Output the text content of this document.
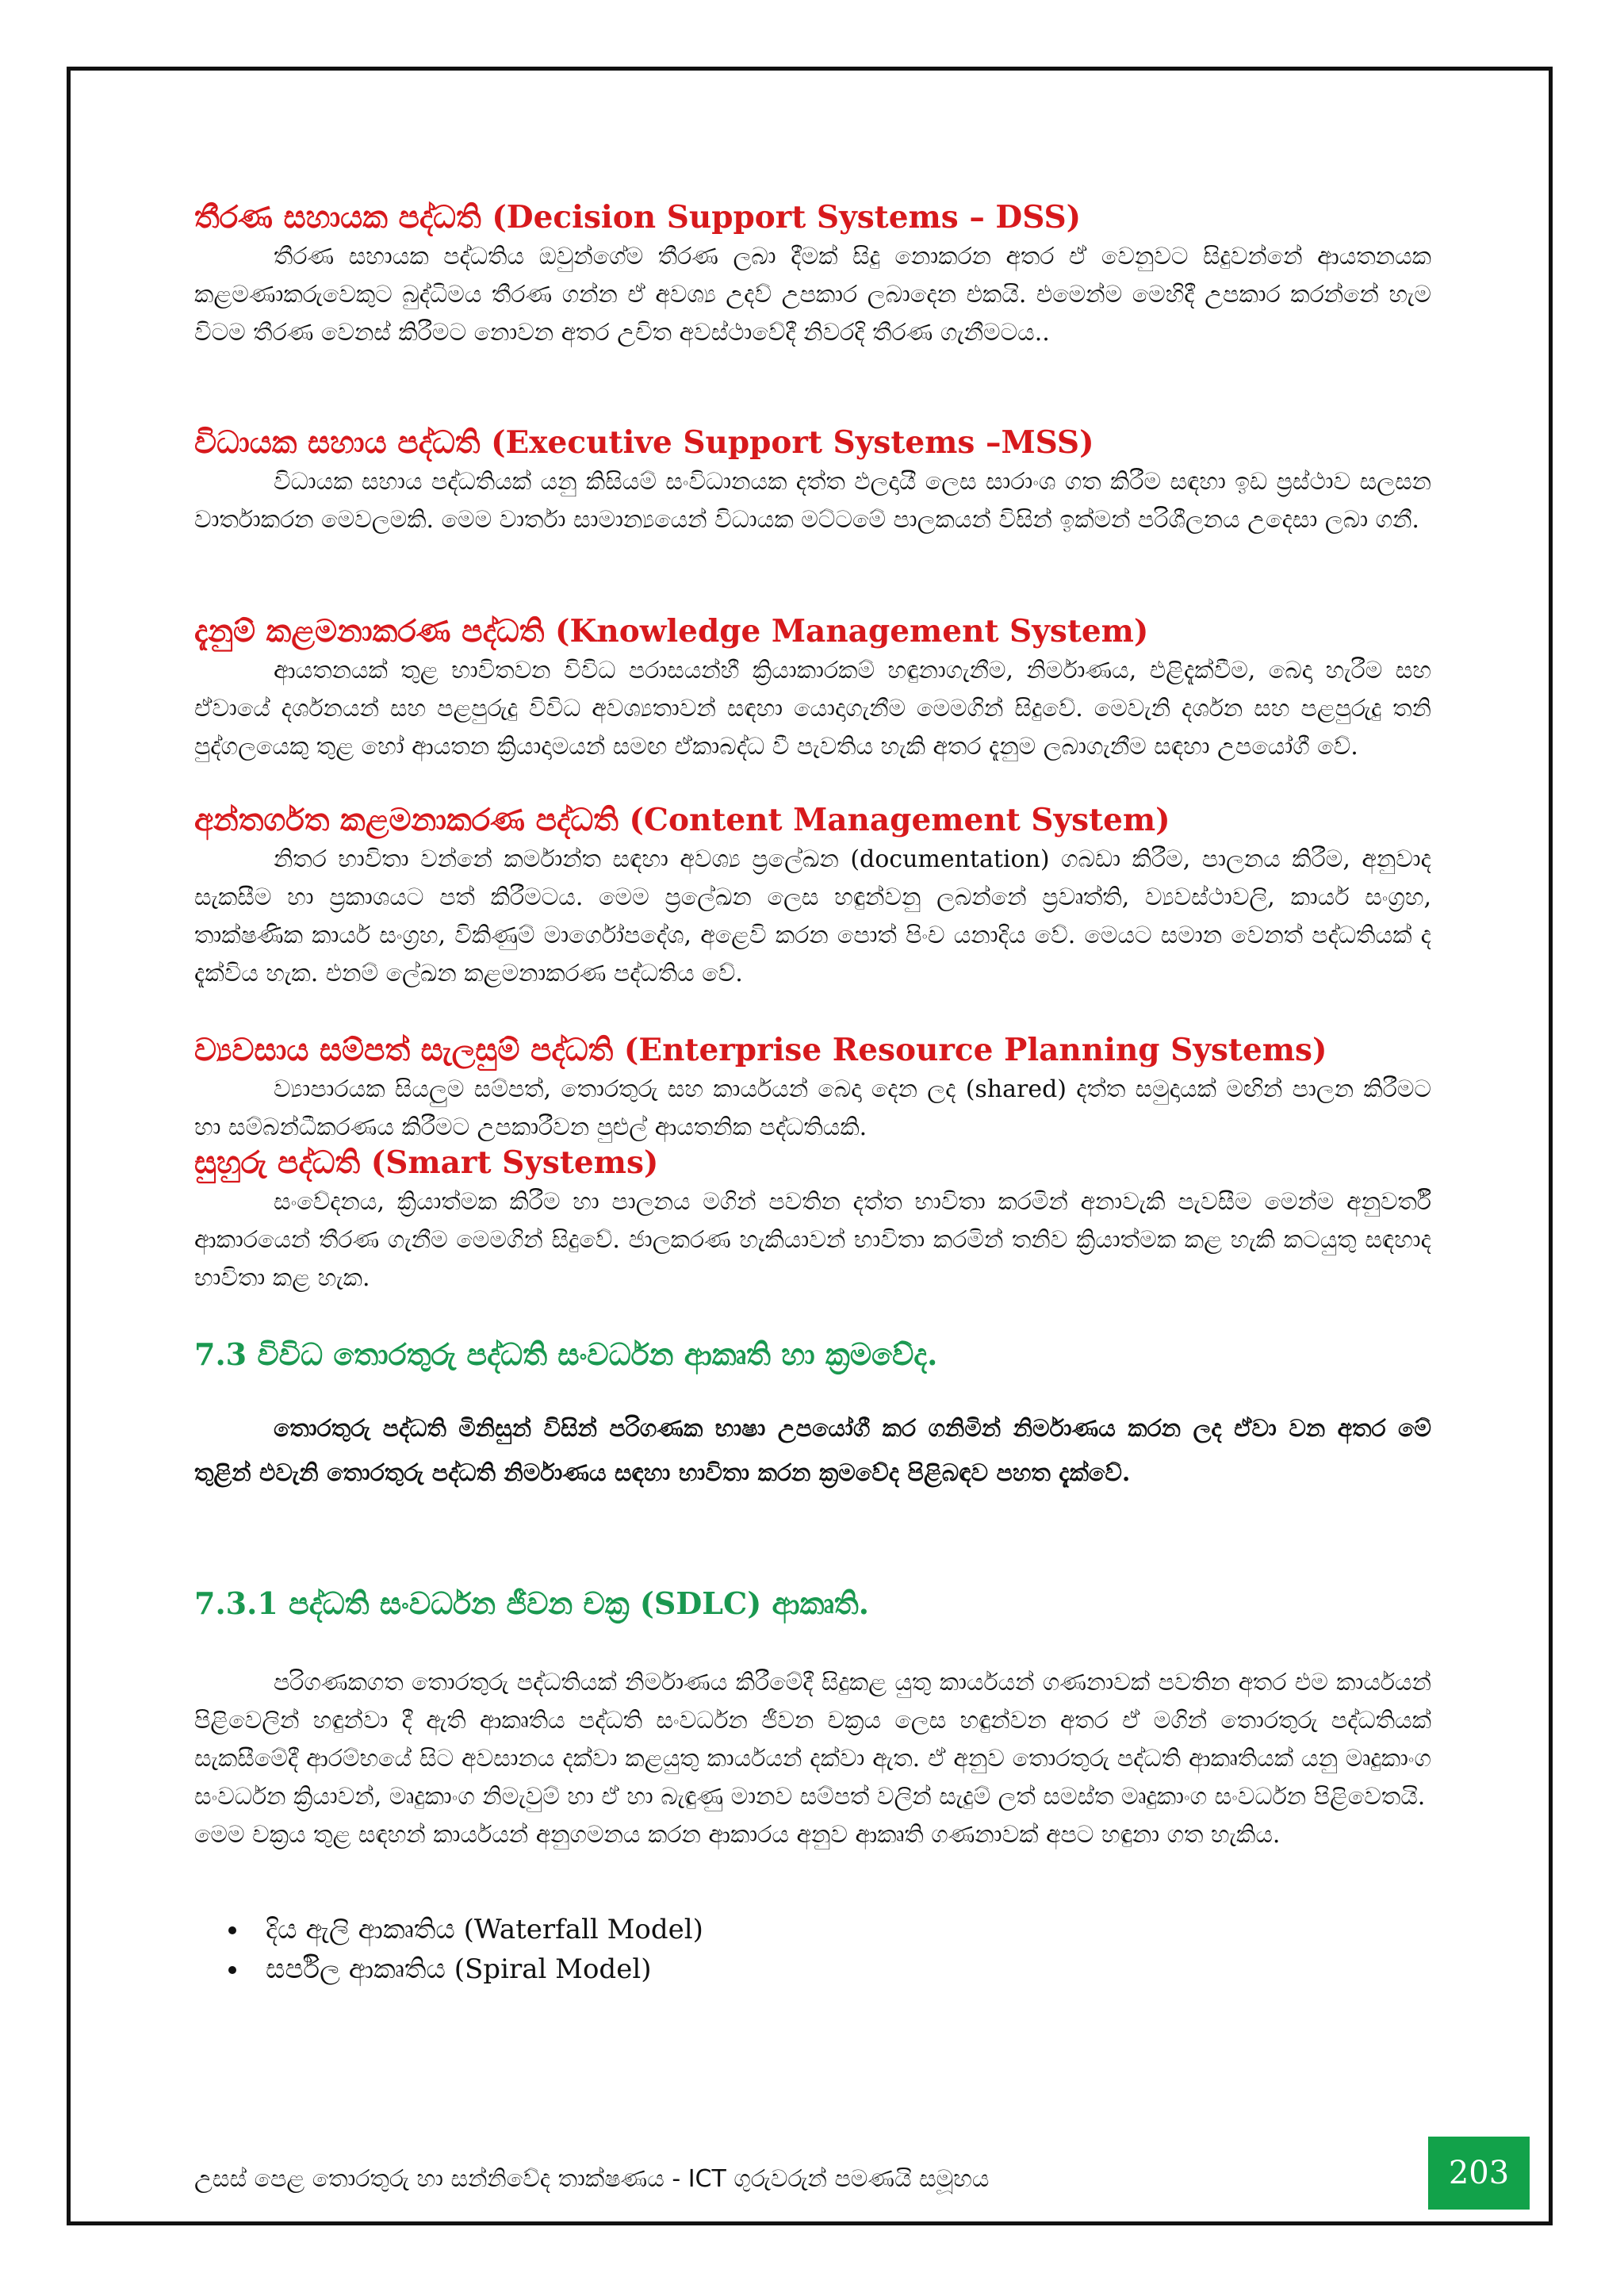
තීරණ සහායක පද්ධති (Decision Support Systems – DSS)

තීරණ සහායක පද්ධතිය ඔවුන්ගේම තීරණ ලබා දීමක් සිදු නොකරන අතර ඒ වෙනුවට සිදුවන්නේ ආයතනයක කළමණාකරුවෙකුට බුද්ධිමය තීරණ ගන්න ඒ අවශ්‍ය උදව් උපකාර ලබාදෙන එකයි. එමෙන්ම මෙහිදී උපකාර කරන්නේ හැම විටම තීරණ වෙනස් කිරීමට නොවන අතර උචිත අවස්ථාවේදී නිවරදි තීරණ ගැනීමටය..

විධායක සහාය පද්ධති (Executive Support Systems –MSS)

විධායක සහාය පද්ධතියක් යනු කිසියම් සංවිධානයක දත්ත ඵලදායී ලෙස සාරාංශ ගත කිරීම සඳහා ඉඩ ප්‍රස්ථාව සලසන වාර්තාකරන මෙවලමකි. මෙම වාර්තා සාමාන්‍යයෙන් විධායක මට්ටමේ පාලකයන් විසින් ඉක්මන් පරිශීලනය උදෙසා ලබා ගනී.

දැනුම් කළමනාකරණ පද්ධති (Knowledge Management System)

ආයතනයක් තුළ භාවිතවන විවිධ පරාසයන්හී ක්‍රියාකාරකම් හඳුනාගැනීම, නිර්මාණය, එළිදැක්වීම, බෙදා හැරීම සහ ඒවායේ දර්ශනයන් සහ පළපුරුදු විවිධ අවශ්‍යතාවන් සඳහා යොදාගැනීම මෙමගින් සිදුවේ. මෙවැනි දර්ශන සහ පළපුරුදු තනි පුද්ගලයෙකු තුළ හෝ ආයතන ක්‍රියාදාමයන් සමඟ ඒකාබද්ධ වී පැවතිය හැකි අතර දැනුම ලබාගැනීම සඳහා උපයෝගී වේ.

අන්තර්ගත කළමනාකරණ පද්ධති (Content Management System)

නිතර භාවිතා වන්නේ කර්මාන්ත සඳහා අවශ්‍ය ප්‍රලේඛන (documentation) ගබඩා කිරීම, පාලනය කිරීම, අනුවාද සැකසීම හා ප්‍රකාශයට පත් කිරීමටය. මෙම ප්‍රලේඛන ලෙස හඳුන්වනු ලබන්නේ ප්‍රවෘත්ති, ව්‍යවස්ථාවලි, කාර්ය සංග්‍රහ, තාක්ෂණික කාර්ය සංග්‍රහ, විකිණුම් මාර්ගෝපදේශ, අළෙවි කරන පොත් පිංච යනාදිය වේ. මෙයට සමාන වෙනත් පද්ධතියක් ද දැක්විය හැක. එනම් ලේඛන කළමනාකරණ පද්ධතිය වේ.

ව්‍යවසාය සම්පත් සැලසුම් පද්ධති (Enterprise Resource Planning Systems)

ව්‍යාපාරයක සියලුම සම්පත්, තොරතුරු සහ කාර්යයන් බෙදා දෙන ලද (shared) දත්ත සමුදායක් මඟින් පාලන කිරීමට හා සම්බන්ධීකරණය කිරීමට උපකාරීවන පුළුල් ආයතනික පද්ධතියකි.

සුහුරු පද්ධති (Smart Systems)

සංවේදනය, ක්‍රියාත්මක කිරීම හා පාලනය මගින් පවතින දත්ත භාවිතා කරමින් අනාවැකි පැවසීම මෙන්ම අනුවර්තී ආකාරයෙන් තීරණ ගැනීම මෙමගින් සිදුවේ. ජාලකරණ හැකියාවන් භාවිතා කරමින් තනිව ක්‍රියාත්මක කළ හැකි කටයුතු සඳහාද භාවිතා කළ හැක.

7.3 විවිධ තොරතුරු පද්ධති සංවර්ධන ආකෘති හා ක්‍රමවේද.

තොරතුරු පද්ධති මිනිසුන් විසින් පරිගණක භාෂා උපයෝගී කර ගනිමින් නිර්මාණය කරන ලද ඒවා වන අතර මේ තුළින් එවැනි තොරතුරු පද්ධති නිර්මාණය සඳහා භාවිතා කරන ක්‍රමවේද පිළිබඳව පහත දැක්වේ.

7.3.1 පද්ධති සංවර්ධන ජීවන චක්‍ර (SDLC) ආකෘති.

පරිගණකගත තොරතුරු පද්ධතියක් නිර්මාණය කිරීමේදී සිදුකළ යුතු කාර්යයන් ගණනාවක් පවතින අතර එම කාර්යයන් පිළිවෙලින් හඳුන්වා දී ඇති ආකෘතිය පද්ධති සංවර්ධන ජීවන චක්‍රය ලෙස හඳුන්වන අතර ඒ මගින් තොරතුරු පද්ධතියක් සැකසීමේදී ආරම්භයේ සිට අවසානය දක්වා කළයුතු කාර්යයන් දක්වා ඇත. ඒ අනුව තොරතුරු පද්ධති ආකෘතියක් යනු මෘදුකාංග සංවර්ධන ක්‍රියාවන්, මෘදුකාංග නිමැවුම් හා ඒ හා බැඳුණු මානව සම්පත් වලින් සැදුම් ලත් සමස්ත මෘදුකාංග සංවර්ධන පිළිවෙතයි.

මෙම චක්‍රය තුළ සඳහන් කාර්යයන් අනුගමනය කරන ආකාරය අනුව ආකෘති ගණනාවක් අපට හඳුනා ගත හැකිය.

• දිය ඇලි ආකෘතිය (Waterfall Model)
• සර්පිල ආකෘතිය (Spiral Model)
උසස් පෙළ තොරතුරු හා සන්නිවේද තාක්ෂණය - ICT ගුරුවරුන් පමණයි සමූහය	203
